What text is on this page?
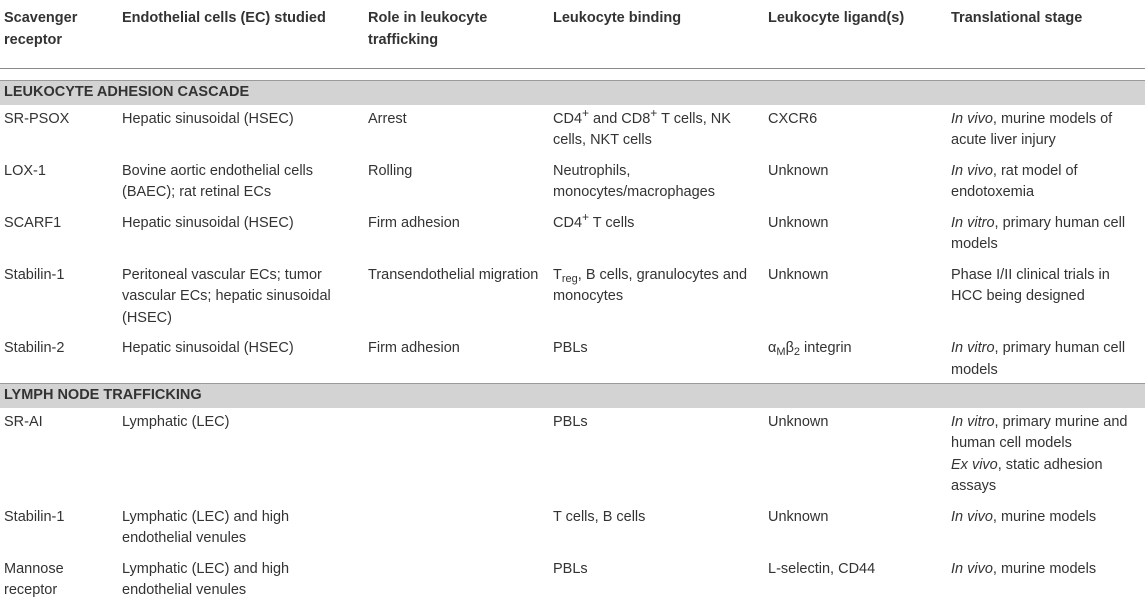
Scavenger receptor	Endothelial cells (EC) studied	Role in leukocyte trafficking	Leukocyte binding	Leukocyte ligand(s)	Translational stage

LEUKOCYTE ADHESION CASCADE					
SR-PSOX	Hepatic sinusoidal (HSEC)	Arrest	CD4+ and CD8+ T cells, NK cells, NKT cells	CXCR6	In vivo, murine models of acute liver injury
LOX-1	Bovine aortic endothelial cells (BAEC); rat retinal ECs	Rolling	Neutrophils, monocytes/macrophages	Unknown	In vivo, rat model of endotoxemia
SCARF1	Hepatic sinusoidal (HSEC)	Firm adhesion	CD4+ T cells	Unknown	In vitro, primary human cell models
Stabilin-1	Peritoneal vascular ECs; tumor vascular ECs; hepatic sinusoidal (HSEC)	Transendothelial migration	$T_{reg}$, B cells, granulocytes and monocytes	Unknown	Phase I/II clinical trials in HCC being designed
Stabilin-2	Hepatic sinusoidal (HSEC)	Firm adhesion	PBLs	$\alpha_M\beta_2$ integrin	In vitro, primary human cell models
LYMPH NODE TRAFFICKING					
SR-AI	Lymphatic (LEC)		PBLs	Unknown	In vitro, primary murine and human cell models
Ex vivo, static adhesion assays
Stabilin-1	Lymphatic (LEC) and high endothelial venules		T cells, B cells	Unknown	In vivo, murine models
Mannose receptor	Lymphatic (LEC) and high endothelial venules		PBLs	L-selectin, CD44	In vivo, murine models
